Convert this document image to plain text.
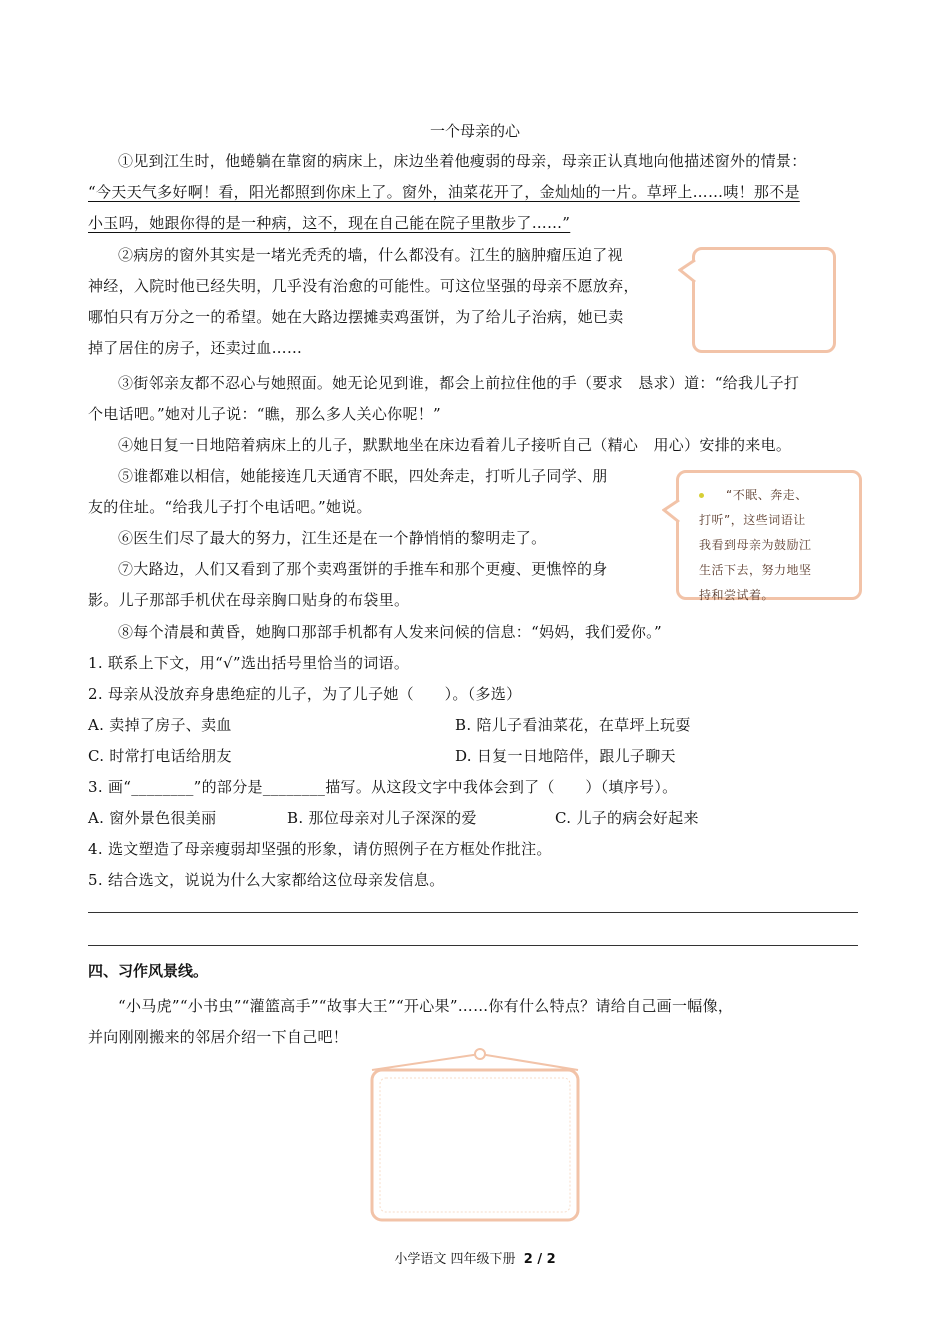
一个母亲的心
①见到江生时，他蜷躺在靠窗的病床上，床边坐着他瘦弱的母亲，母亲正认真地向他描述窗外的情景：
“今天天气多好啊！看，阳光都照到你床上了。窗外，油菜花开了，金灿灿的一片。草坪上……咦！那不是
小玉吗，她跟你得的是一种病，这不，现在自己能在院子里散步了……”
②病房的窗外其实是一堵光秃秃的墙，什么都没有。江生的脑肿瘤压迫了视
神经，入院时他已经失明，几乎没有治愈的可能性。可这位坚强的母亲不愿放弃，
哪怕只有万分之一的希望。她在大路边摆摊卖鸡蛋饼，为了给儿子治病，她已卖
掉了居住的房子，还卖过血……
③街邻亲友都不忍心与她照面。她无论见到谁，都会上前拉住他的手（要求　恳求）道：“给我儿子打
个电话吧。”她对儿子说：“瞧，那么多人关心你呢！”
④她日复一日地陪着病床上的儿子，默默地坐在床边看着儿子接听自己（精心　用心）安排的来电。
⑤谁都难以相信，她能接连几天通宵不眠，四处奔走，打听儿子同学、朋
友的住址。“给我儿子打个电话吧。”她说。
⑥医生们尽了最大的努力，江生还是在一个静悄悄的黎明走了。
⑦大路边，人们又看到了那个卖鸡蛋饼的手推车和那个更瘦、更憔悴的身
影。儿子那部手机伏在母亲胸口贴身的布袋里。
“不眠、奔走、
打听”，这些词语让
我看到母亲为鼓励江
生活下去，努力地坚
持和尝试着。
⑧每个清晨和黄昏，她胸口那部手机都有人发来问候的信息：“妈妈，我们爱你。”
1. 联系上下文，用“√”选出括号里恰当的词语。
2. 母亲从没放弃身患绝症的儿子，为了儿子她（　　）。（多选）
A. 卖掉了房子、卖血	B. 陪儿子看油菜花，在草坪上玩耍
C. 时常打电话给朋友	D. 日复一日地陪伴，跟儿子聊天
3. 画“________”的部分是________描写。从这段文字中我体会到了（　　）（填序号）。
A. 窗外景色很美丽	B. 那位母亲对儿子深深的爱	C. 儿子的病会好起来
4. 选文塑造了母亲瘦弱却坚强的形象，请仿照例子在方框处作批注。
5. 结合选文，说说为什么大家都给这位母亲发信息。
四、习作风景线。
“小马虎”“小书虫”“灌篮高手”“故事大王”“开心果”……你有什么特点？请给自己画一幅像，
并向刚刚搬来的邻居介绍一下自己吧！
小学语文 四年级下册 2 / 2
